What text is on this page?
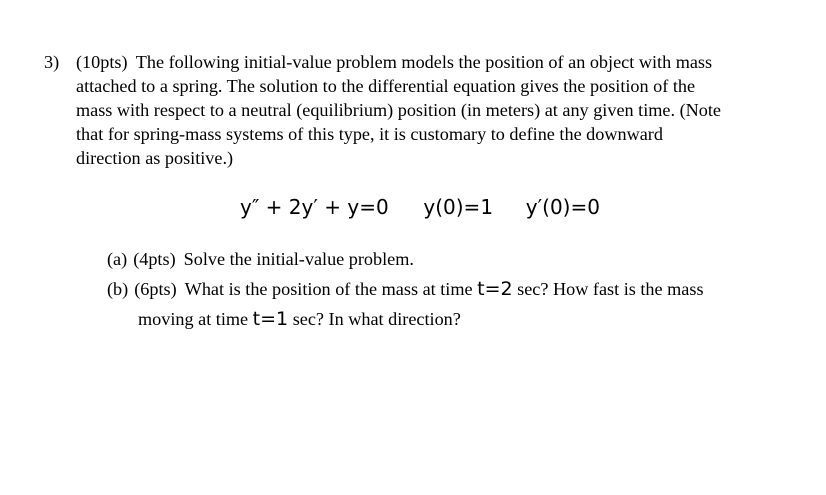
3) (10pts) The following initial-value problem models the position of an object with mass
attached to a spring. The solution to the differential equation gives the position of the
mass with respect to a neutral (equilibrium) position (in meters) at any given time. (Note
that for spring-mass systems of this type, it is customary to define the downward
direction as positive.)
y″ + 2y′ + y=0 y(0)=1 y′(0)=0
(a) (4pts) Solve the initial-value problem.
(b) (6pts) What is the position of the mass at time t=2 sec? How fast is the mass
moving at time t=1 sec? In what direction?
